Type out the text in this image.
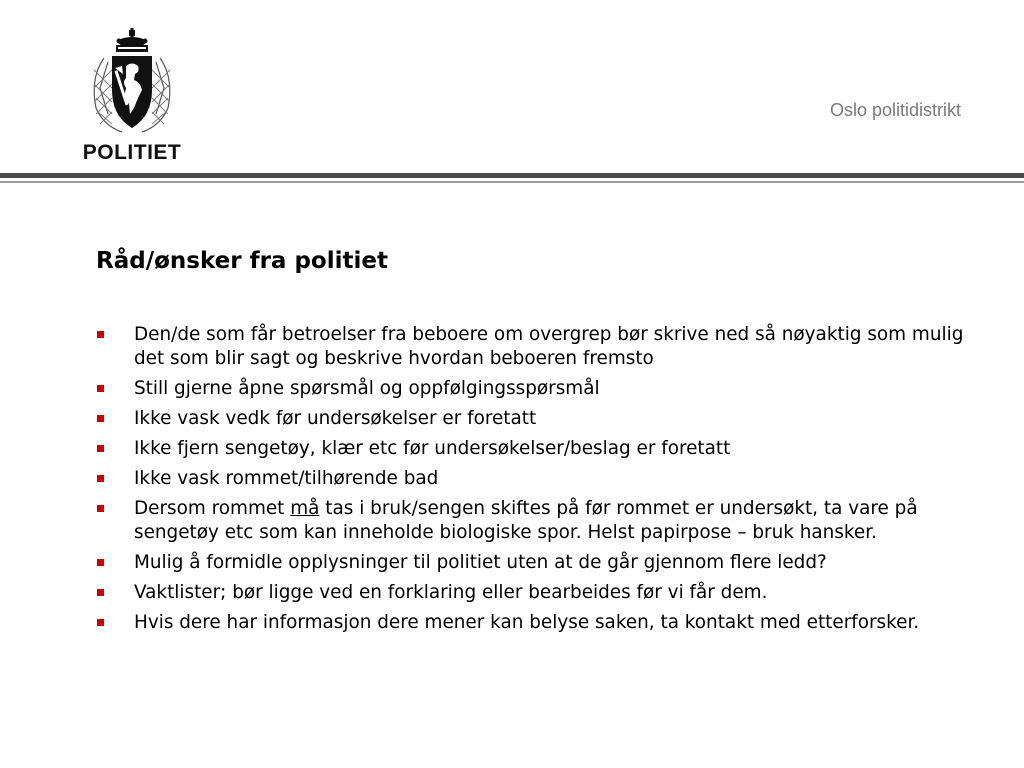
POLITIET
Oslo politidistrikt
Råd/ønsker fra politiet
Den/de som får betroelser fra beboere om overgrep bør skrive ned så nøyaktig som mulig det som blir sagt og beskrive hvordan beboeren fremsto
Still gjerne åpne spørsmål og oppfølgingsspørsmål
Ikke vask vedk før undersøkelser er foretatt
Ikke fjern sengetøy, klær etc før undersøkelser/beslag er foretatt
Ikke vask rommet/tilhørende bad
Dersom rommet må tas i bruk/sengen skiftes på før rommet er undersøkt, ta vare på sengetøy etc som kan inneholde biologiske spor. Helst papirpose – bruk hansker.
Mulig å formidle opplysninger til politiet uten at de går gjennom flere ledd?
Vaktlister; bør ligge ved en forklaring eller bearbeides før vi får dem.
Hvis dere har informasjon dere mener kan belyse saken, ta kontakt med etterforsker.
